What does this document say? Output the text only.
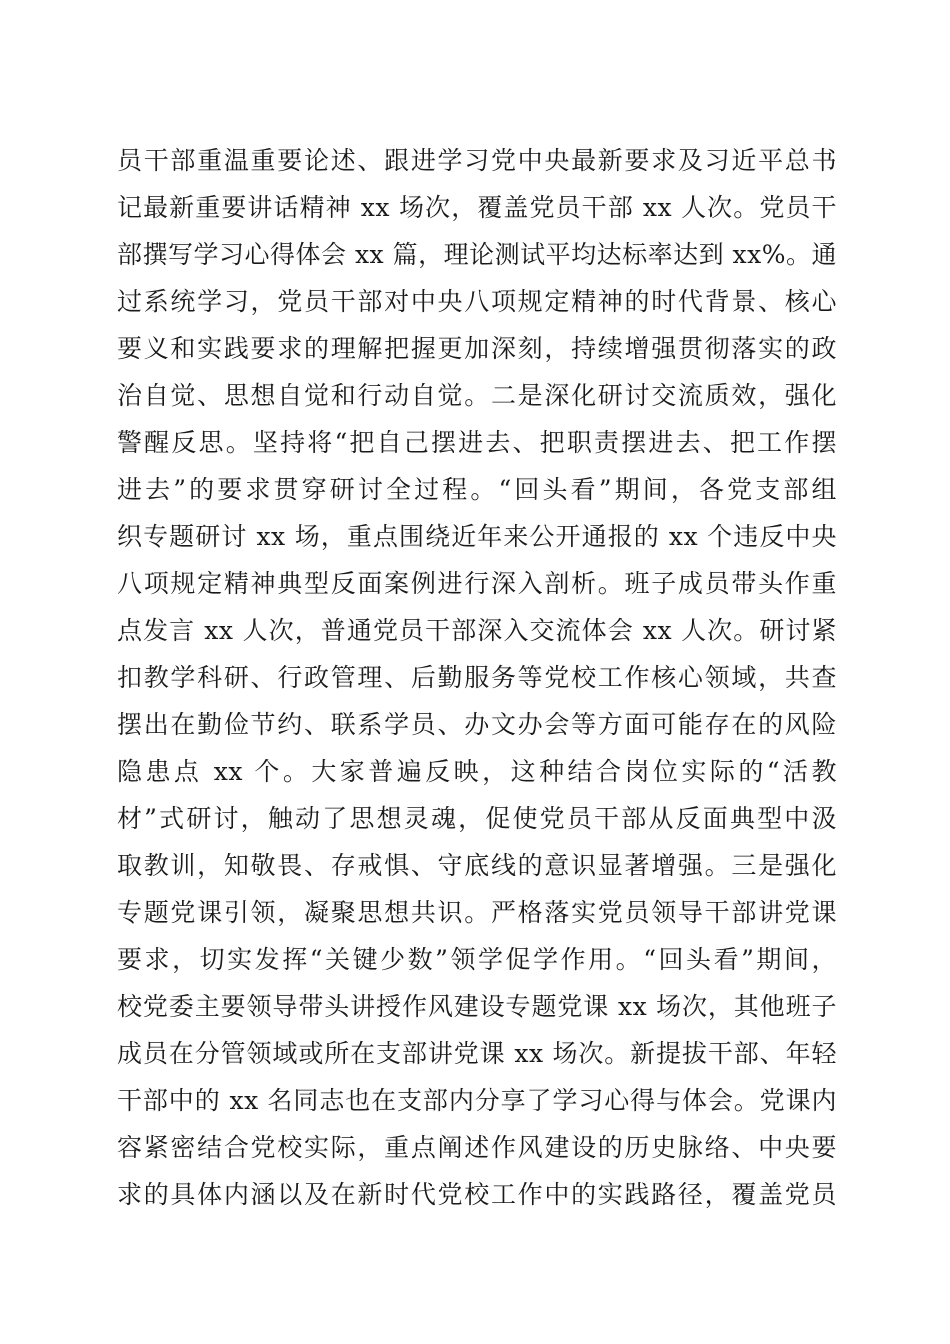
员干部重温重要论述、跟进学习党中央最新要求及习近平总书
记最新重要讲话精神 xx 场次，覆盖党员干部 xx 人次。党员干
部撰写学习心得体会 xx 篇，理论测试平均达标率达到 xx%。通
过系统学习，党员干部对中央八项规定精神的时代背景、核心
要义和实践要求的理解把握更加深刻，持续增强贯彻落实的政
治自觉、思想自觉和行动自觉。二是深化研讨交流质效，强化
警醒反思。坚持将“把自己摆进去、把职责摆进去、把工作摆
进去”的要求贯穿研讨全过程。“回头看”期间，各党支部组
织专题研讨 xx 场，重点围绕近年来公开通报的 xx 个违反中央
八项规定精神典型反面案例进行深入剖析。班子成员带头作重
点发言 xx 人次，普通党员干部深入交流体会 xx 人次。研讨紧
扣教学科研、行政管理、后勤服务等党校工作核心领域，共查
摆出在勤俭节约、联系学员、办文办会等方面可能存在的风险
隐患点 xx 个。大家普遍反映，这种结合岗位实际的“活教
材”式研讨，触动了思想灵魂，促使党员干部从反面典型中汲
取教训，知敬畏、存戒惧、守底线的意识显著增强。三是强化
专题党课引领，凝聚思想共识。严格落实党员领导干部讲党课
要求，切实发挥“关键少数”领学促学作用。“回头看”期间，
校党委主要领导带头讲授作风建设专题党课 xx 场次，其他班子
成员在分管领域或所在支部讲党课 xx 场次。新提拔干部、年轻
干部中的 xx 名同志也在支部内分享了学习心得与体会。党课内
容紧密结合党校实际，重点阐述作风建设的历史脉络、中央要
求的具体内涵以及在新时代党校工作中的实践路径，覆盖党员
